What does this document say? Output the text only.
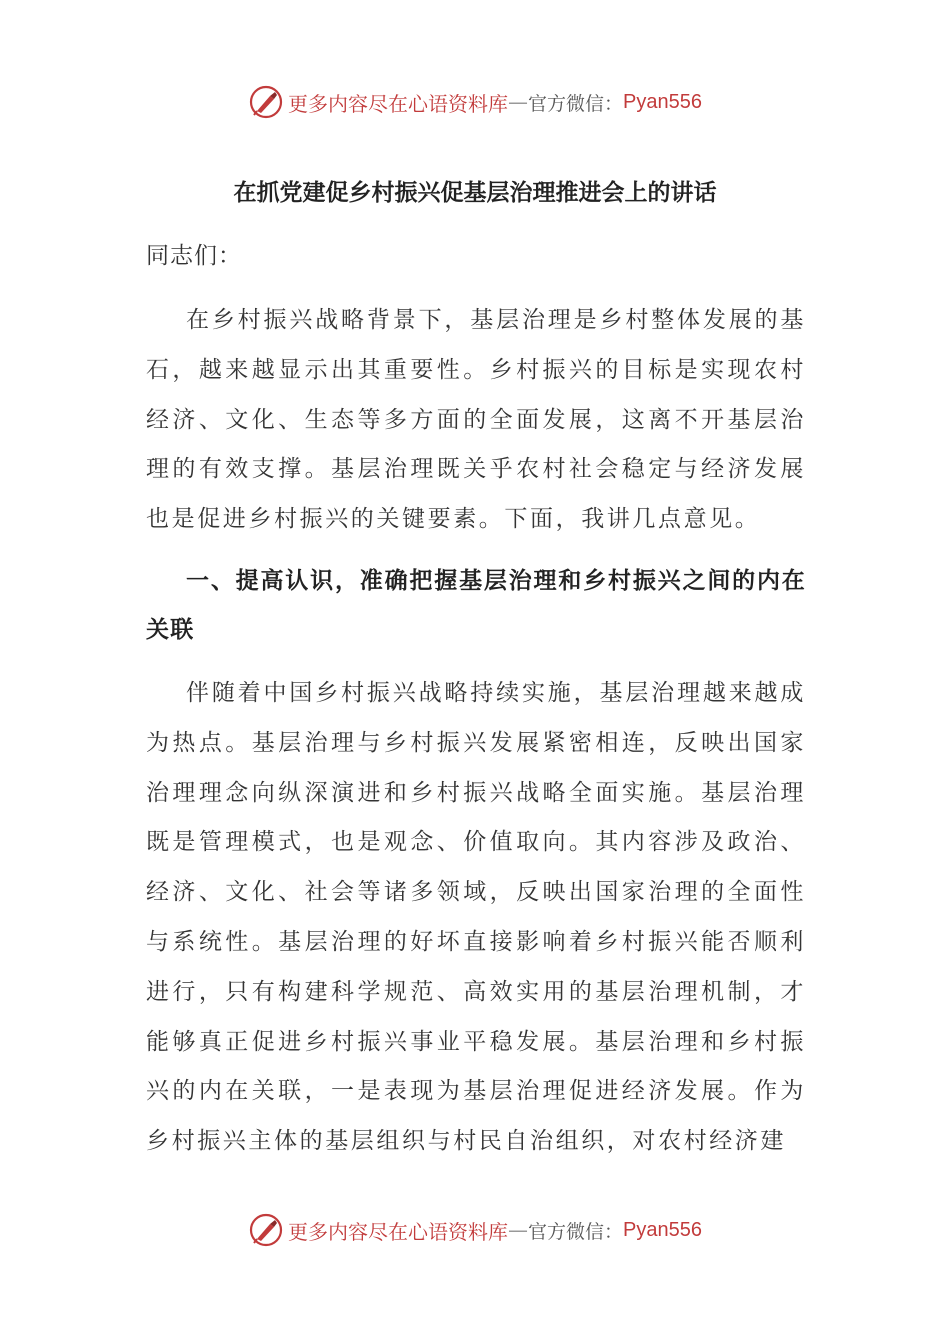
更多内容尽在心语资料库 — 官方微信： Pyan556
在抓党建促乡村振兴促基层治理推进会上的讲话
同志们：

在乡村振兴战略背景下，基层治理是乡村整体发展的基石，越来越显示出其重要性。乡村振兴的目标是实现农村经济、文化、生态等多方面的全面发展，这离不开基层治理的有效支撑。基层治理既关乎农村社会稳定与经济发展也是促进乡村振兴的关键要素。下面，我讲几点意见。

一、提高认识，准确把握基层治理和乡村振兴之间的内在关联

伴随着中国乡村振兴战略持续实施，基层治理越来越成为热点。基层治理与乡村振兴发展紧密相连，反映出国家治理理念向纵深演进和乡村振兴战略全面实施。基层治理既是管理模式，也是观念、价值取向。其内容涉及政治、经济、文化、社会等诸多领域，反映出国家治理的全面性与系统性。基层治理的好坏直接影响着乡村振兴能否顺利进行，只有构建科学规范、高效实用的基层治理机制，才能够真正促进乡村振兴事业平稳发展。基层治理和乡村振兴的内在关联，一是表现为基层治理促进经济发展。作为乡村振兴主体的基层组织与村民自治组织，对农村经济建

更多内容尽在心语资料库 — 官方微信： Pyan556
